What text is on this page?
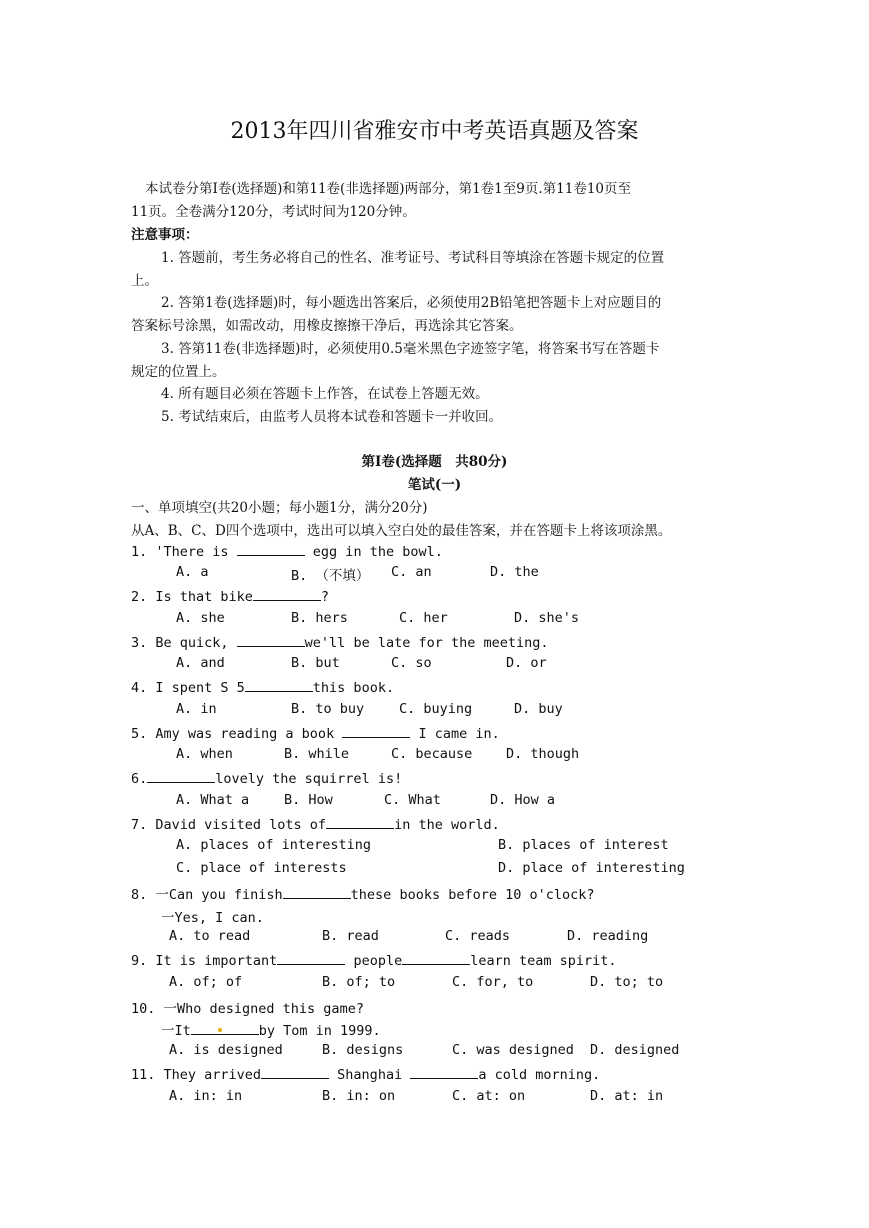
2013年四川省雅安市中考英语真题及答案
本试卷分第Ⅰ卷(选择题)和第11卷(非选择题)两部分，第1卷1至9页.第11卷10页至
11页。全卷满分120分，考试时间为120分钟。
注意事项：
1. 答题前，考生务必将自己的性名、准考证号、考试科目等填涂在答题卡规定的位置
上。
2. 答第1卷(选择题)时，每小题选出答案后，必须使用2B铅笔把答题卡上对应题目的
答案标号涂黑，如需改动，用橡皮擦擦干净后，再选涂其它答案。
3. 答第11卷(非选择题)时，必须使用0.5毫米黑色字迹签字笔，将答案书写在答题卡
规定的位置上。
4. 所有题目必须在答题卡上作答，在试卷上答题无效。
5. 考试结束后，由监考人员将本试卷和答题卡一并收回。
第Ⅰ卷(选择题　共80分)
笔试(一)
一、单项填空(共20小题；每小题1分，满分20分)
从A、B、C、D四个选项中，选出可以填入空白处的最佳答案，并在答题卡上将该项涂黑。
1. 'There is	egg in the bowl.
A. a	B. （不填） C. an	D. the
2. Is that bike	?
A. she	B. hers	C. her	D. she's
3. Be quick,	we'll be late for the meeting.
A. and	B. but	C. so	D. or
4. I spent S 5	this book.
A. in	B. to buy	C. buying	D. buy
5. Amy was reading a book	I came in.
A. when	B. while	C. because D. though
6.	lovely the squirrel is!
A. What a	B. How	C. What	D. How a
7. David visited lots of	in the world.
A. places of interesting	B. places of interest
C. place of interests	D. place of interesting
8. 一Can you finish	these books before 10 o'clock?
一Yes, I can.
A. to read	B. read	C. reads	D. reading
9. It is important	people	learn team spirit.
A. of; of	B. of; to	C. for, to	D. to; to
10. 一Who designed this game?
一It	by Tom in 1999.
A. is designed	B. designs	C. was designed D. designed
11. They arrived	Shanghai	a cold morning.
A. in: in	B. in: on	C. at: on	D. at: in
